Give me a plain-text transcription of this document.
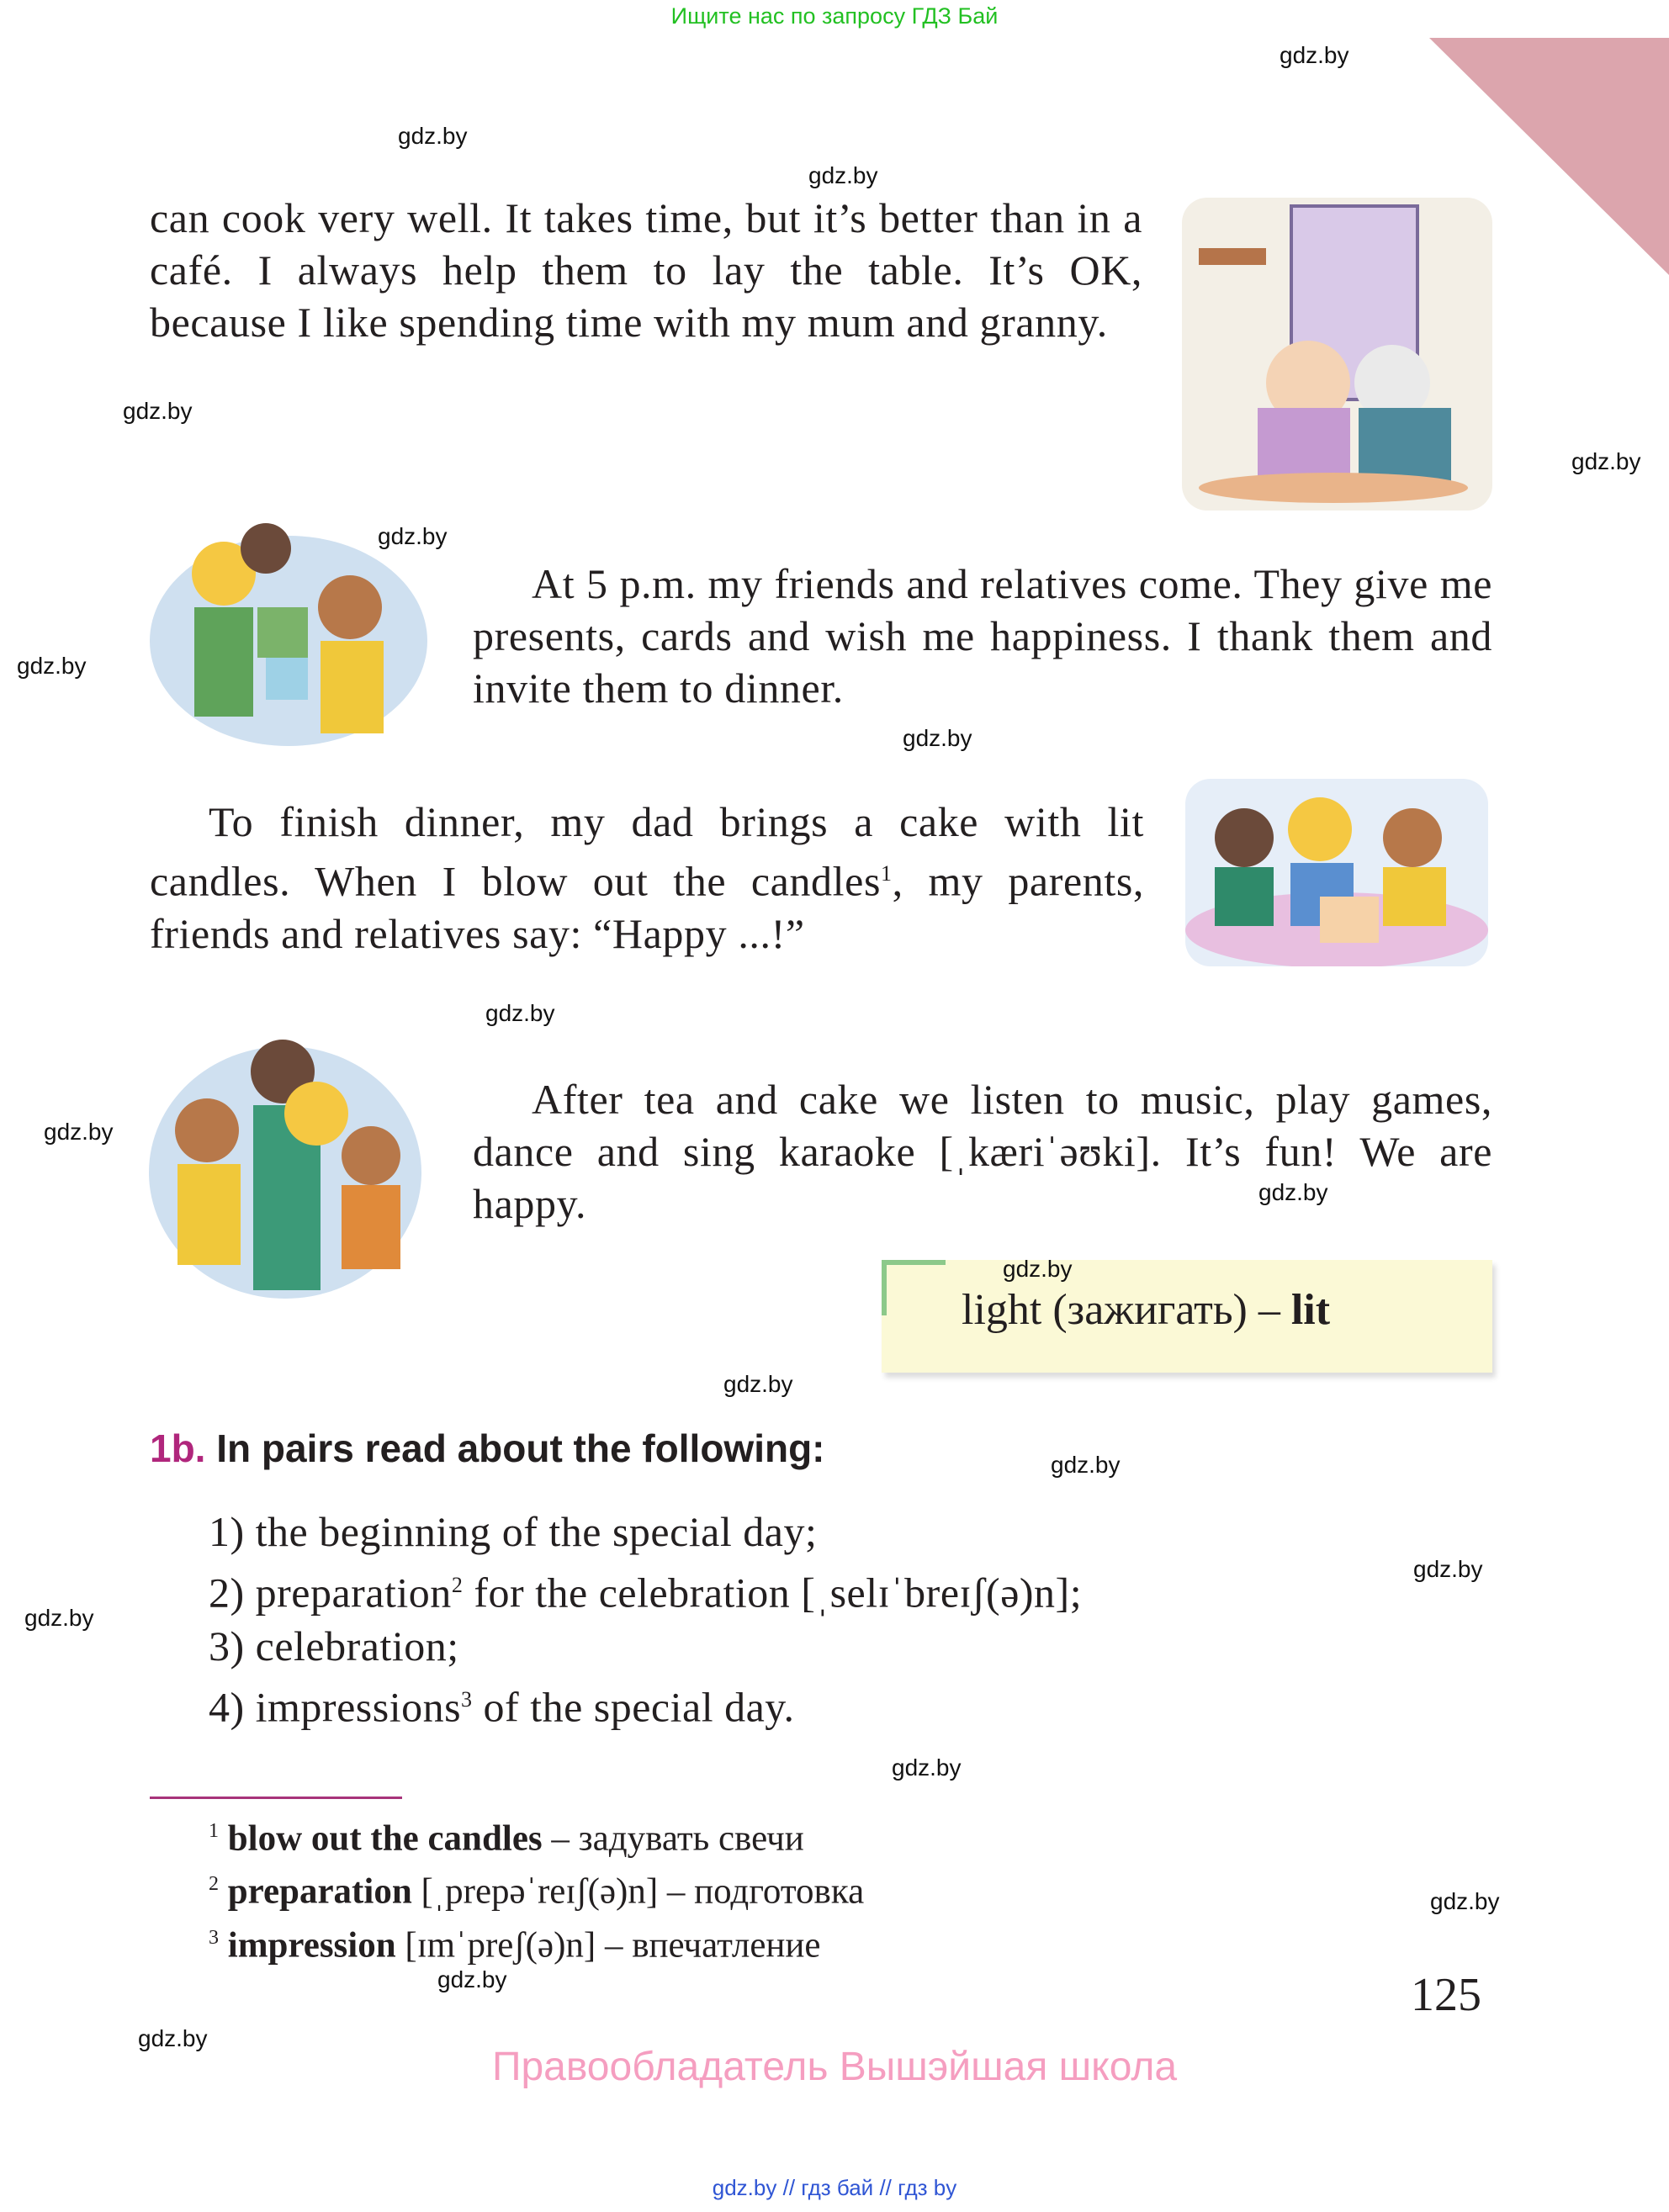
Ищите нас по запросу ГДЗ Бай
gdz.by
gdz.by
gdz.by
gdz.by
gdz.by
gdz.by
gdz.by
gdz.by
gdz.by
gdz.by
gdz.by
gdz.by
gdz.by
gdz.by
gdz.by
gdz.by
gdz.by
gdz.by
gdz.by
gdz.by
can cook very well. It takes time, but it’s better than in a café. I always help them to lay the table. It’s OK, because I like spending time with my mum and granny.
At 5 p.m. my friends and relatives come. They give me presents, cards and wish me happiness. I thank them and invite them to dinner.
To finish dinner, my dad brings a cake with lit candles. When I blow out the candles$^1$, my parents, friends and relatives say: “Happy ...!”
After tea and cake we listen to music, play games, dance and sing karaoke [ˌkæriˈəʊki]. It’s fun! We are happy.
light (зажигать) – lit
1b. In pairs read about the following:
1) the beginning of the special day;
2) preparation$^2$ for the celebration [ˌselɪˈbreɪʃ(ə)n];
3) celebration;
4) impressions$^3$ of the special day.
$^1$ blow out the candles – задувать свечи
$^2$ preparation [ˌprepəˈreɪʃ(ə)n] – подготовка
$^3$ impression [ɪmˈpreʃ(ə)n] – впечатление
125
Правообладатель Вышэйшая школа
gdz.by // гдз бай // гдз by
